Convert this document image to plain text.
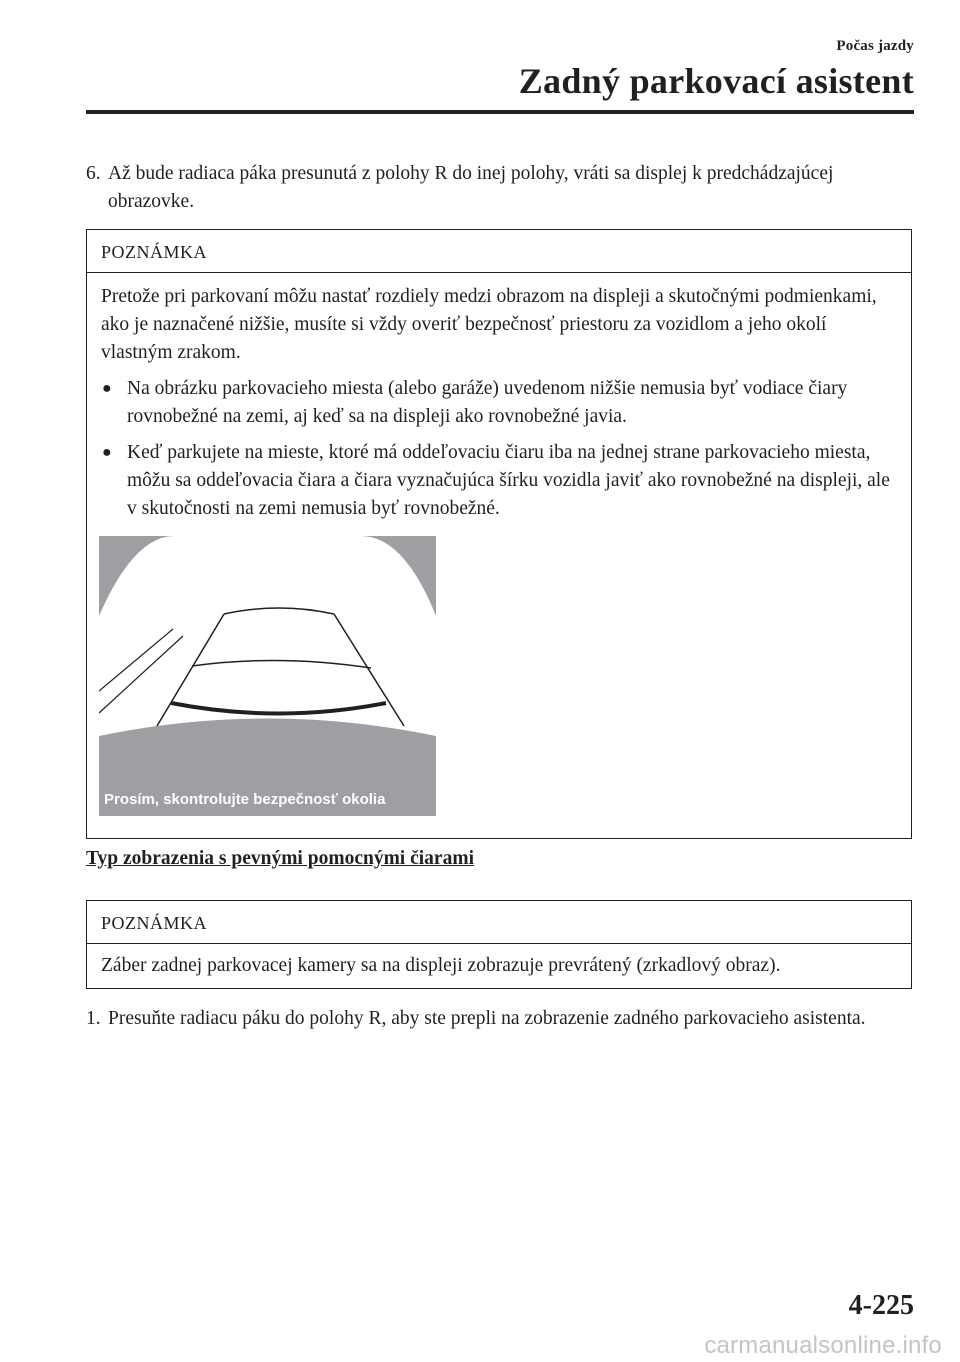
Počas jazdy
Zadný parkovací asistent
6. Až bude radiaca páka presunutá z polohy R do inej polohy, vráti sa displej k predchádzajúcej obrazovke.
POZNÁMKA

Pretože pri parkovaní môžu nastať rozdiely medzi obrazom na displeji a skutočnými podmienkami, ako je naznačené nižšie, musíte si vždy overiť bezpečnosť priestoru za vozidlom a jeho okolí vlastným zrakom.

● Na obrázku parkovacieho miesta (alebo garáže) uvedenom nižšie nemusia byť vodiace čiary rovnobežné na zemi, aj keď sa na displeji ako rovnobežné javia.
● Keď parkujete na mieste, ktoré má oddeľovaciu čiaru iba na jednej strane parkovacieho miesta, môžu sa oddeľovacia čiara a čiara vyznačujúca šírku vozidla javiť ako rovnobežné na displeji, ale v skutočnosti na zemi nemusia byť rovnobežné.
Prosím, skontrolujte bezpečnosť okolia
Typ zobrazenia s pevnými pomocnými čiarami
POZNÁMKA
Záber zadnej parkovacej kamery sa na displeji zobrazuje prevrátený (zrkadlový obraz).
1. Presuňte radiacu páku do polohy R, aby ste prepli na zobrazenie zadného parkovacieho asistenta.
4-225
carmanualsonline.info
